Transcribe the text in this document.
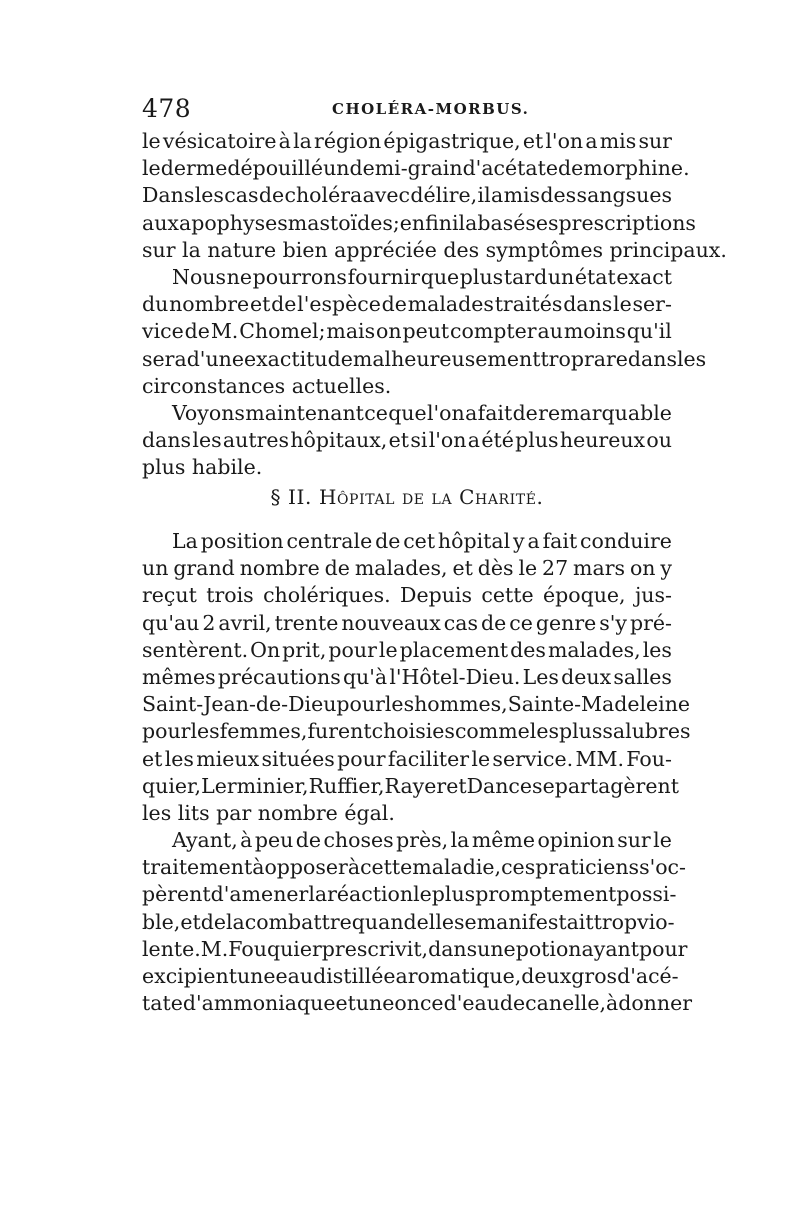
478	CHOLÉRA-MORBUS.
le vésicatoire à la région épigastrique, et l'on a mis sur
le derme dépouillé un demi-grain d'acétate de morphine.
Dans les cas de choléra avec délire, il a mis des sangsues
aux apophyses mastoïdes; enfin il a basé ses prescriptions
sur la nature bien appréciée des symptômes principaux.
Nous ne pourrons fournir que plus tard un état exact
du nombre et de l'espèce de malades traités dans le ser-
vice de M. Chomel; mais on peut compter au moins qu'il
sera d'une exactitude malheureusement trop rare dans les
circonstances actuelles.
Voyons maintenant ce que l'on a fait de remarquable
dans les autres hôpitaux, et si l'on a été plus heureux ou
plus habile.
§ II. Hôpital de la Charité.
La position centrale de cet hôpital y a fait conduire
un grand nombre de malades, et dès le 27 mars on y
reçut trois cholériques. Depuis cette époque, jus-
qu'au 2 avril, trente nouveaux cas de ce genre s'y pré-
sentèrent. On prit, pour le placement des malades, les
mêmes précautions qu'à l'Hôtel-Dieu. Les deux salles
Saint-Jean-de-Dieu pour les hommes, Sainte-Madeleine
pour les femmes, furent choisies comme les plus salubres
et les mieux situées pour faciliter le service. MM. Fou-
quier, Lerminier, Ruffier, Rayer et Dance se partagèrent
les lits par nombre égal.
Ayant, à peu de choses près, la même opinion sur le
traitement à opposer à cette maladie, ces praticiens s'oc-
pèrent d'amener la réaction le plus promptement possi-
ble, et de la combattre quand elle se manifestait trop vio-
lente. M. Fouquier prescrivit, dans une potion ayant pour
excipient une eau distillée aromatique, deux gros d'acé-
tate d'ammoniaque et une once d'eau de canelle, à donner
